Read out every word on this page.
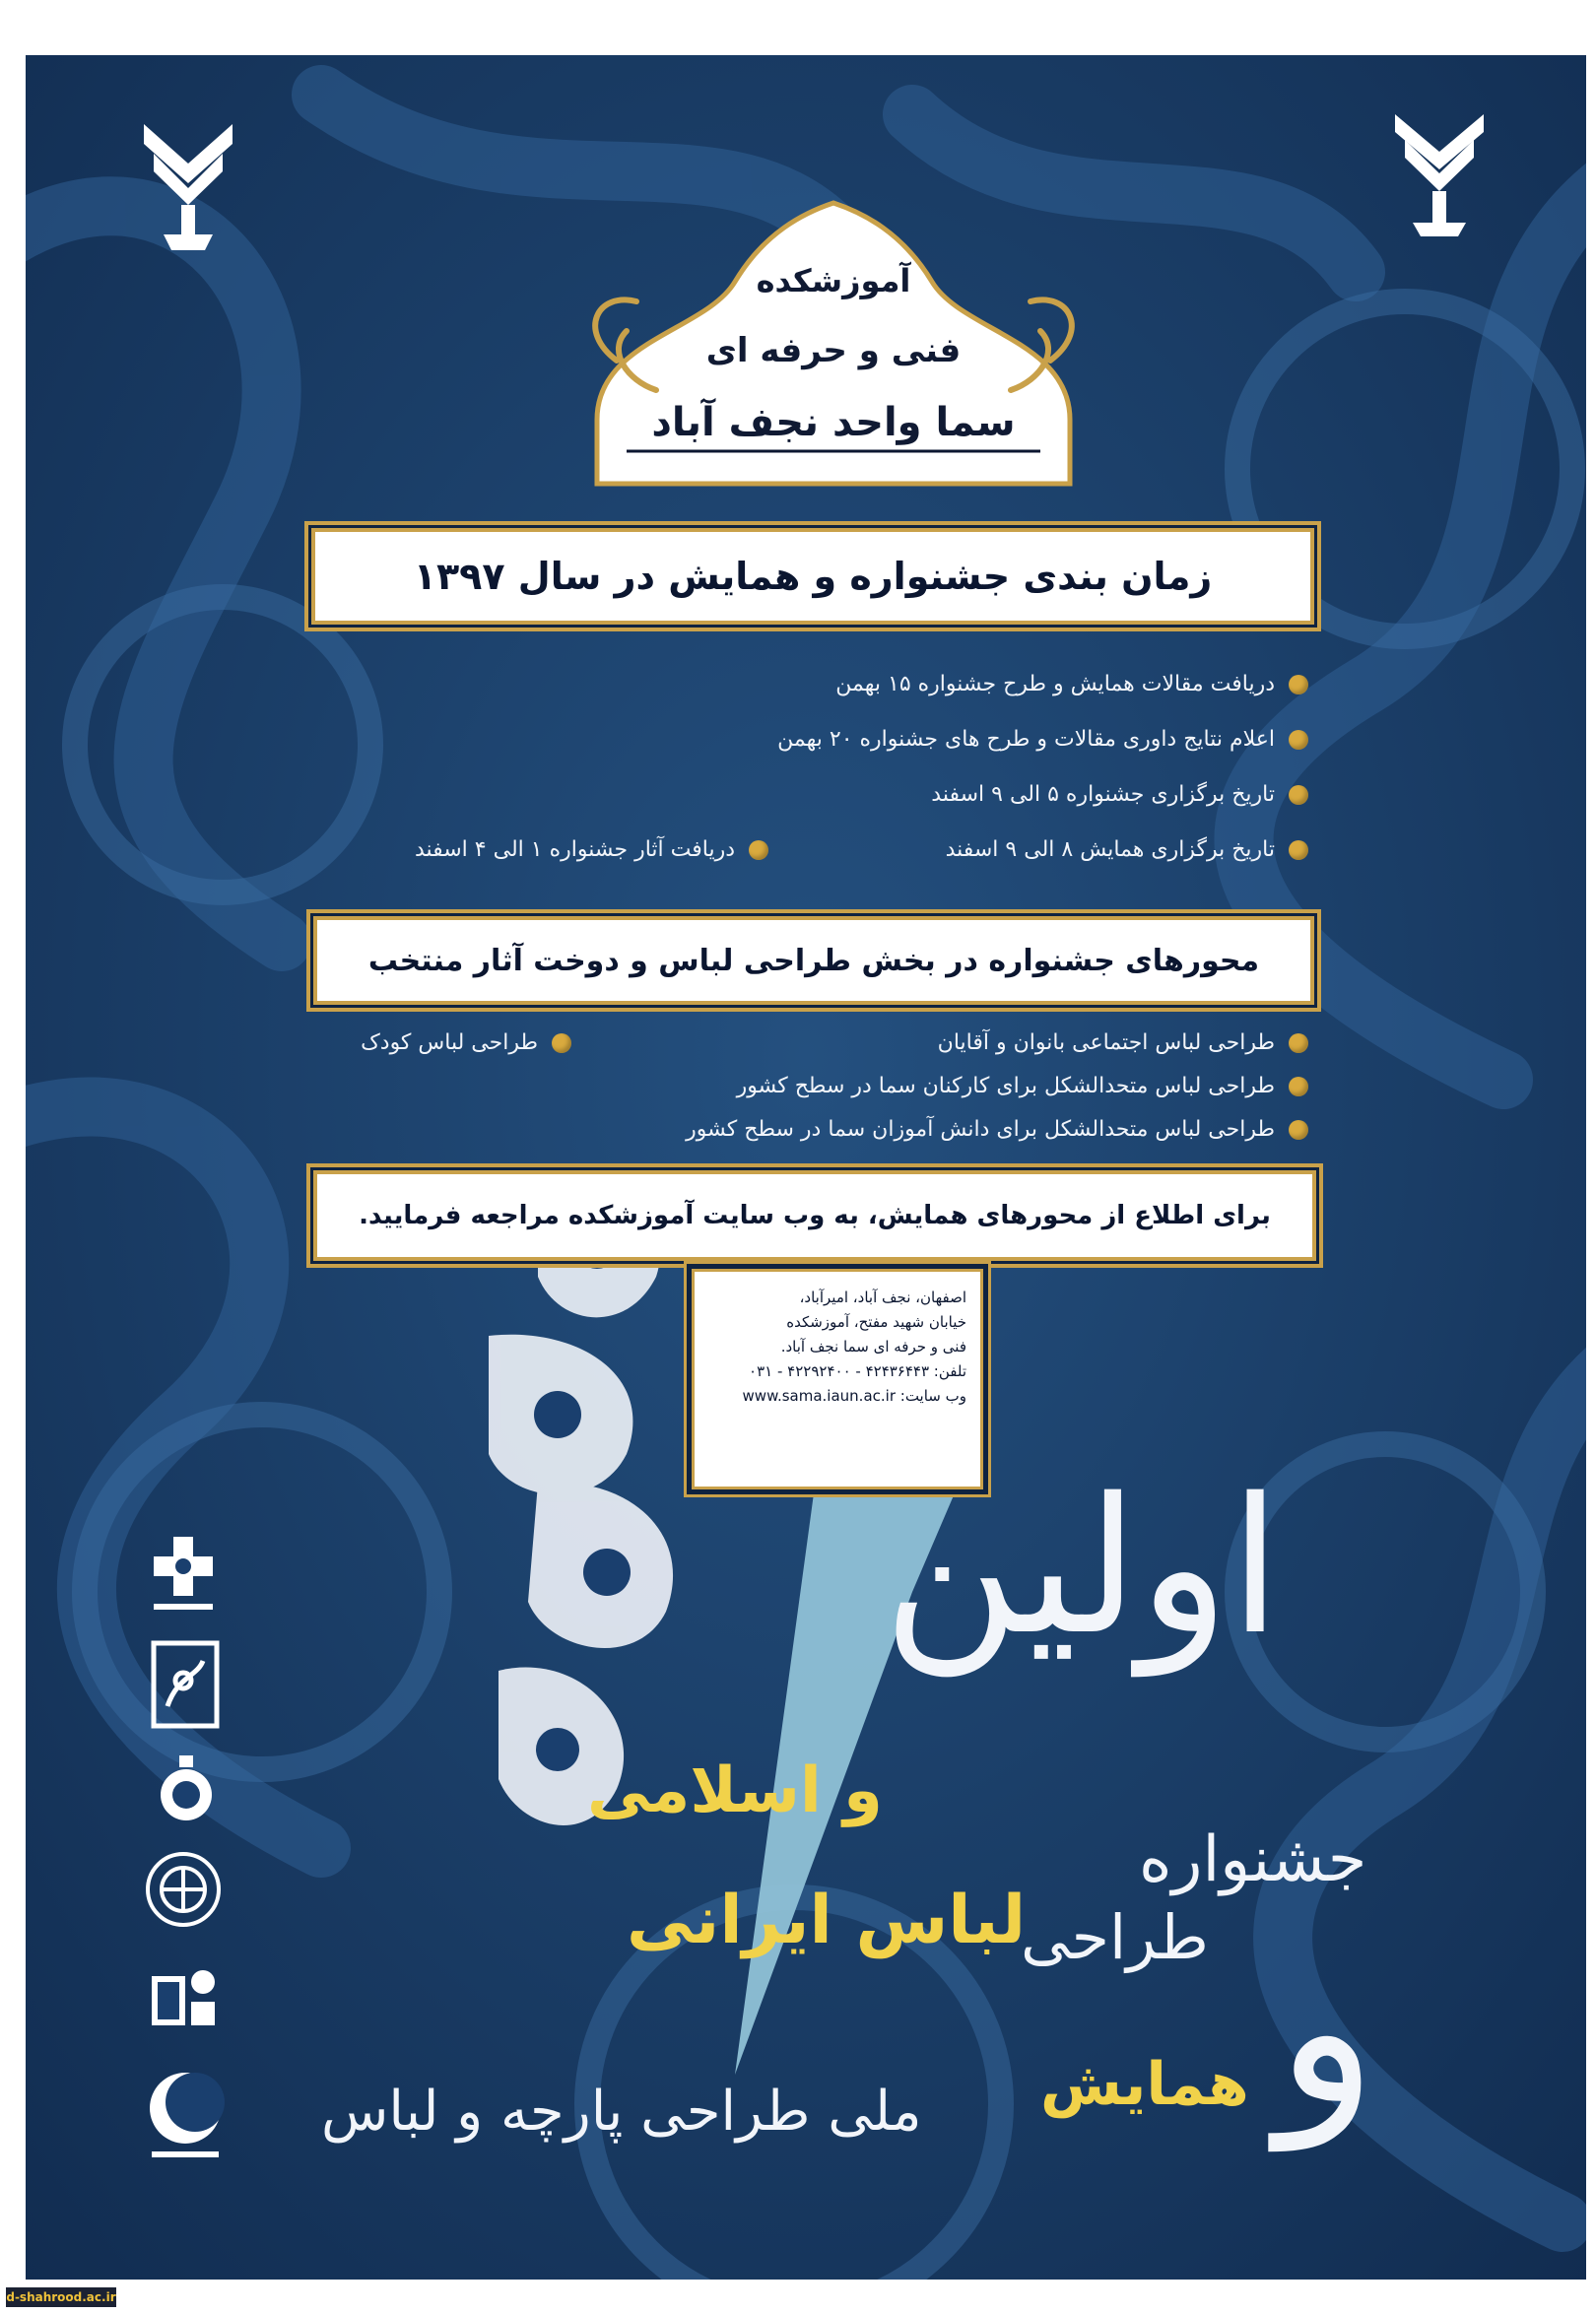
آموزشکده
فنی و حرفه ای
سما واحد نجف آباد
زمان بندی جشنواره و همایش در سال ۱۳۹۷
دریافت مقالات همایش و طرح جشنواره ۱۵ بهمن
اعلام نتایج داوری مقالات و طرح های جشنواره ۲۰ بهمن
تاریخ برگزاری جشنواره ۵ الی ۹ اسفند
تاریخ برگزاری همایش ۸ الی ۹ اسفند
دریافت آثار جشنواره ۱ الی ۴ اسفند
محورهای جشنواره در بخش طراحی لباس و دوخت آثار منتخب
طراحی لباس اجتماعی بانوان و آقایان
طراحی لباس کودک
طراحی لباس متحدالشکل برای کارکنان سما در سطح کشور
طراحی لباس متحدالشکل برای دانش آموزان سما در سطح کشور
برای اطلاع از محورهای همایش، به وب سایت آموزشکده مراجعه فرمایید.
اصفهان، نجف آباد، امیرآباد،
خیابان شهید مفتح، آموزشکده
فنی و حرفه ای سما نجف آباد.
تلفن: ۴۲۴۳۶۴۴۳ - ۴۲۲۹۲۴۰۰ - ۰۳۱
وب سایت: www.sama.iaun.ac.ir
اولین
جشنواره
و اسلامی
لباس ایرانی
طراحی و
همایش
ملی طراحی پارچه و لباس
d-shahrood.ac.ir
